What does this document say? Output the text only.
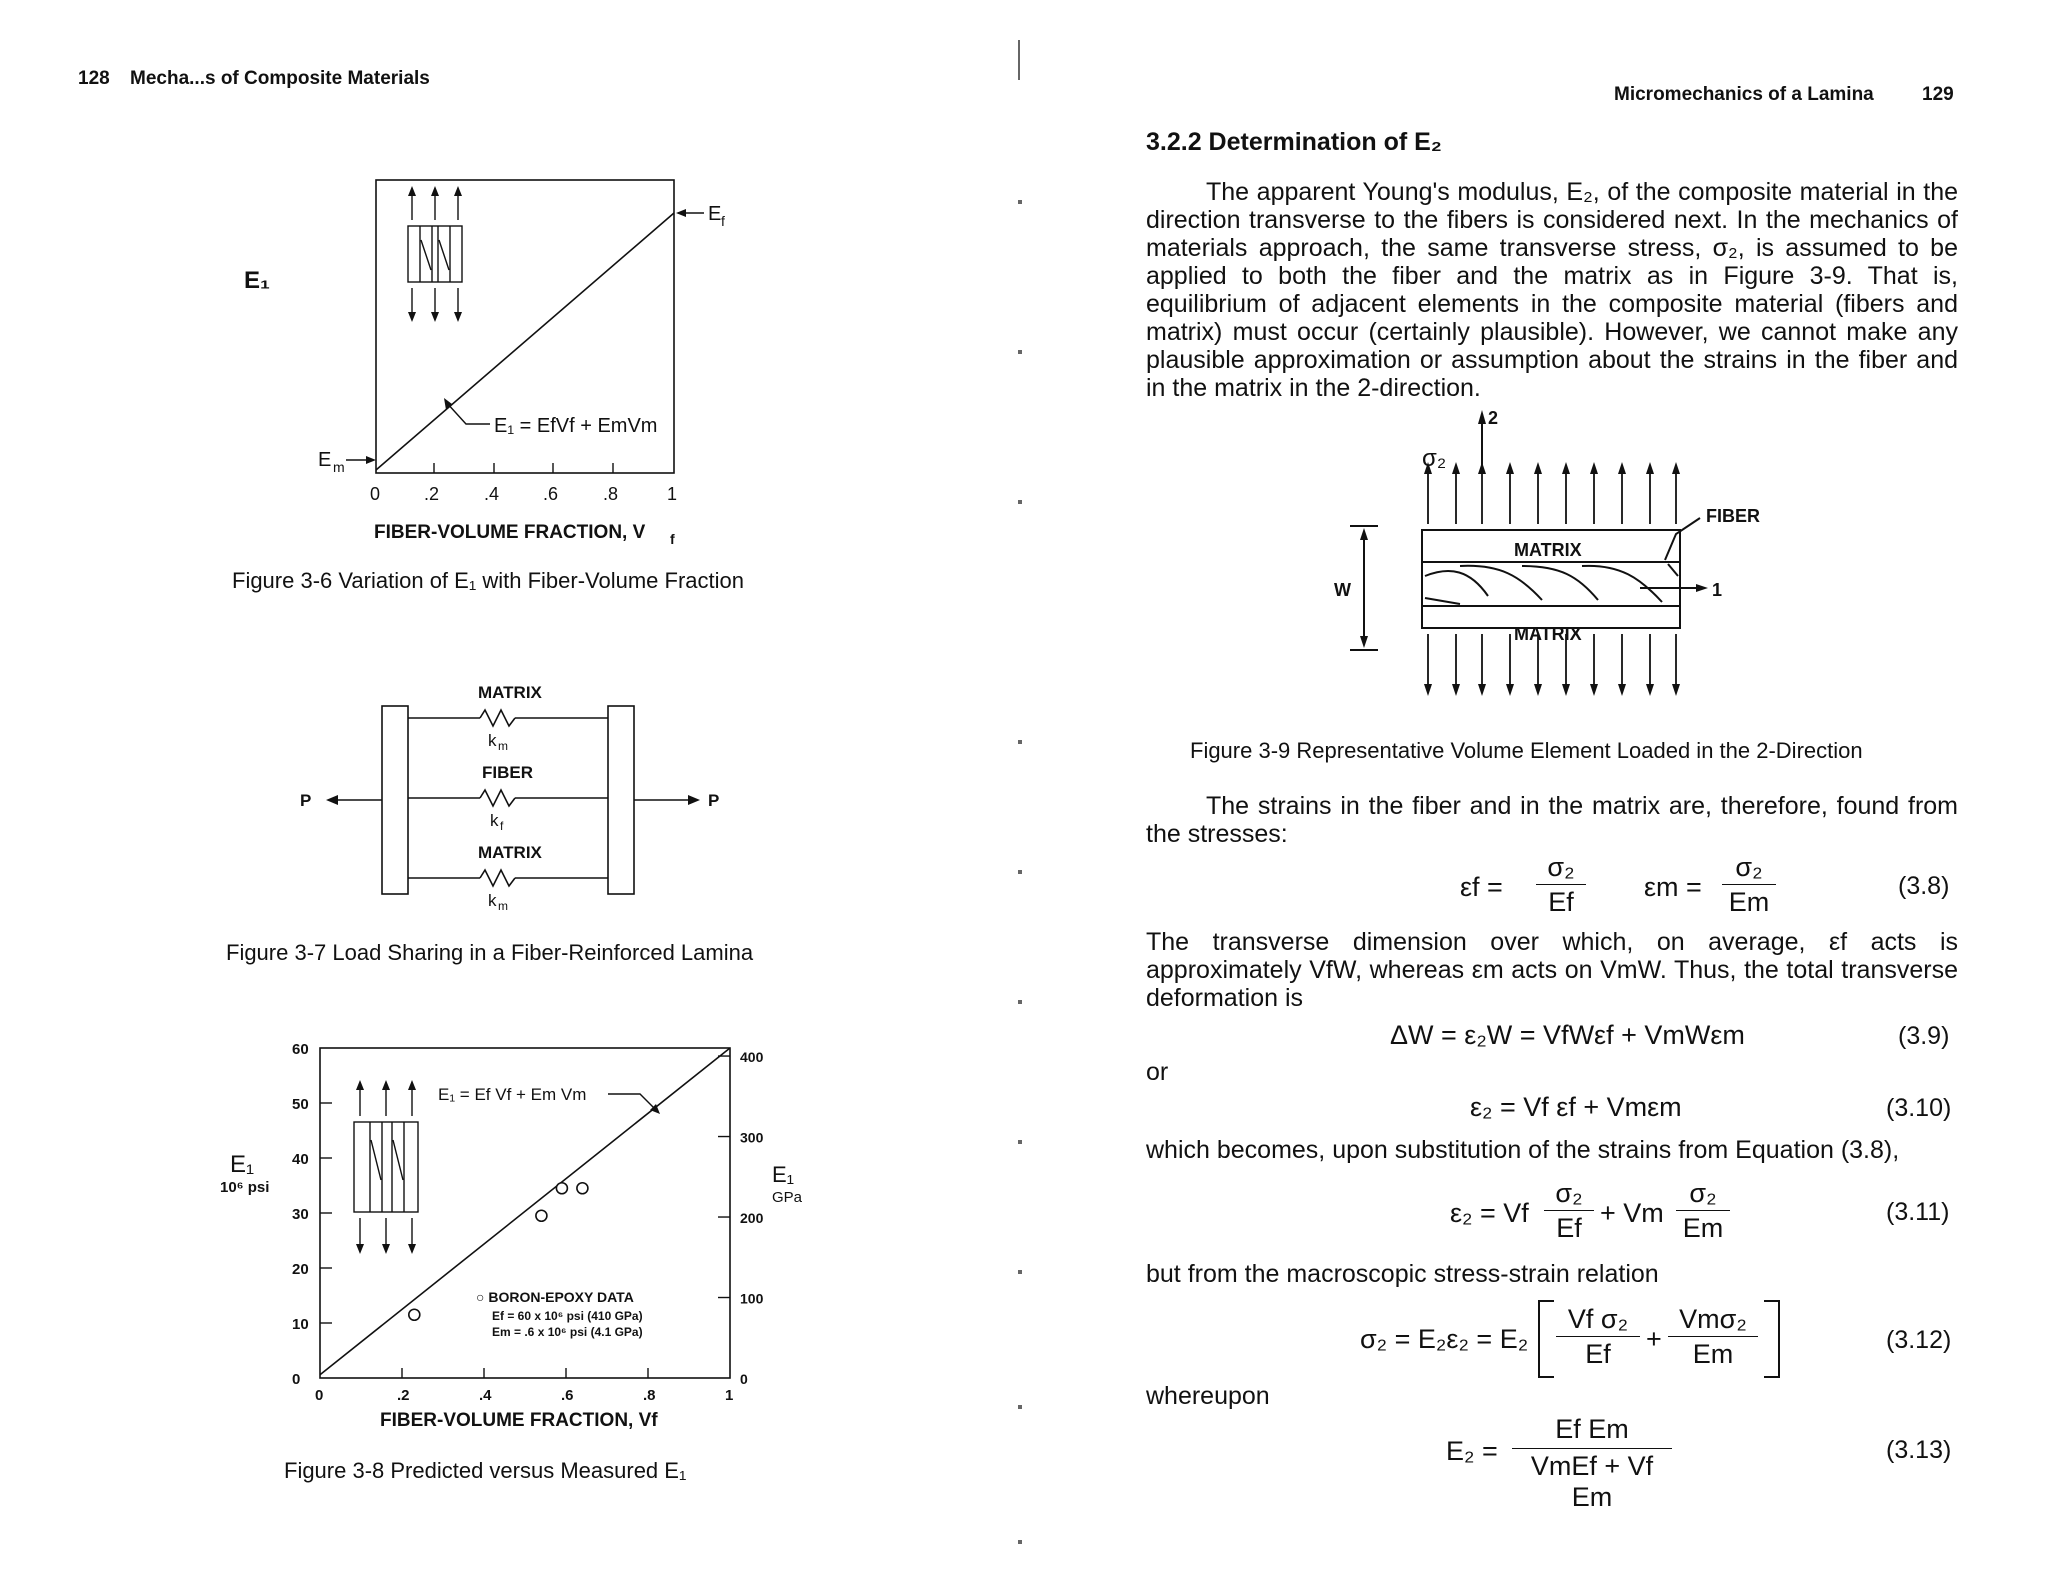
128 Mecha...s of Composite Materials
0 .2 .4 .6 .8	1
FIBER-VOLUME FRACTION, V f
E m
E f
E₁
E₁ = EfVf + EmVm
Figure 3-6 Variation of E₁ with Fiber-Volume Fraction
P	P
MATRIX
k m
FIBER
k f
MATRIX
k m
Figure 3-7 Load Sharing in a Fiber-Reinforced Lamina
0
10
20
30
40
50
60
0
100
200
300
400
0	.2	.4	.6	.8	1
E₁
10⁶ psi
E₁
GPa
FIBER-VOLUME FRACTION, Vf
E₁ = Ef Vf + Em Vm
○ BORON-EPOXY DATA
Ef = 60 x 10⁶ psi (410 GPa)
Em = .6 x 10⁶ psi (4.1 GPa)
Figure 3-8 Predicted versus Measured E₁
Micromechanics of a Lamina	129
3.2.2 Determination of E₂
The apparent Young's modulus, E₂, of the composite material in the direction transverse to the fibers is considered next. In the mechanics of materials approach, the same transverse stress, σ₂, is assumed to be applied to both the fiber and the matrix as in Figure 3-9. That is, equilibrium of adjacent elements in the composite material (fibers and matrix) must occur (certainly plausible). However, we cannot make any plausible approximation or assumption about the strains in the fiber and in the matrix in the 2-direction.
2
σ₂
MATRIX
MATRIX
FIBER
W	1
Figure 3-9 Representative Volume Element Loaded in the 2-Direction
The strains in the fiber and in the matrix are, therefore, found from the stresses:
εf =
σ₂
Ef	εm =
σ₂
Em
(3.8)
The transverse dimension over which, on average, εf acts is approximately VfW, whereas εm acts on VmW. Thus, the total transverse deformation is
ΔW = ε₂W = VfWεf + VmWεm	(3.9)
or
ε₂ = Vf εf + Vmεm	(3.10)
which becomes, upon substitution of the strains from Equation (3.8),
ε₂ = Vf
σ₂
Ef + Vm
σ₂
Em
(3.11)
but from the macroscopic stress-strain relation
σ₂ = E₂ε₂ = E₂
Vf σ₂
Ef	+
Vmσ₂
Em	(3.12)
whereupon
E₂ =
Ef Em
VmEf + Vf Em
(3.13)
